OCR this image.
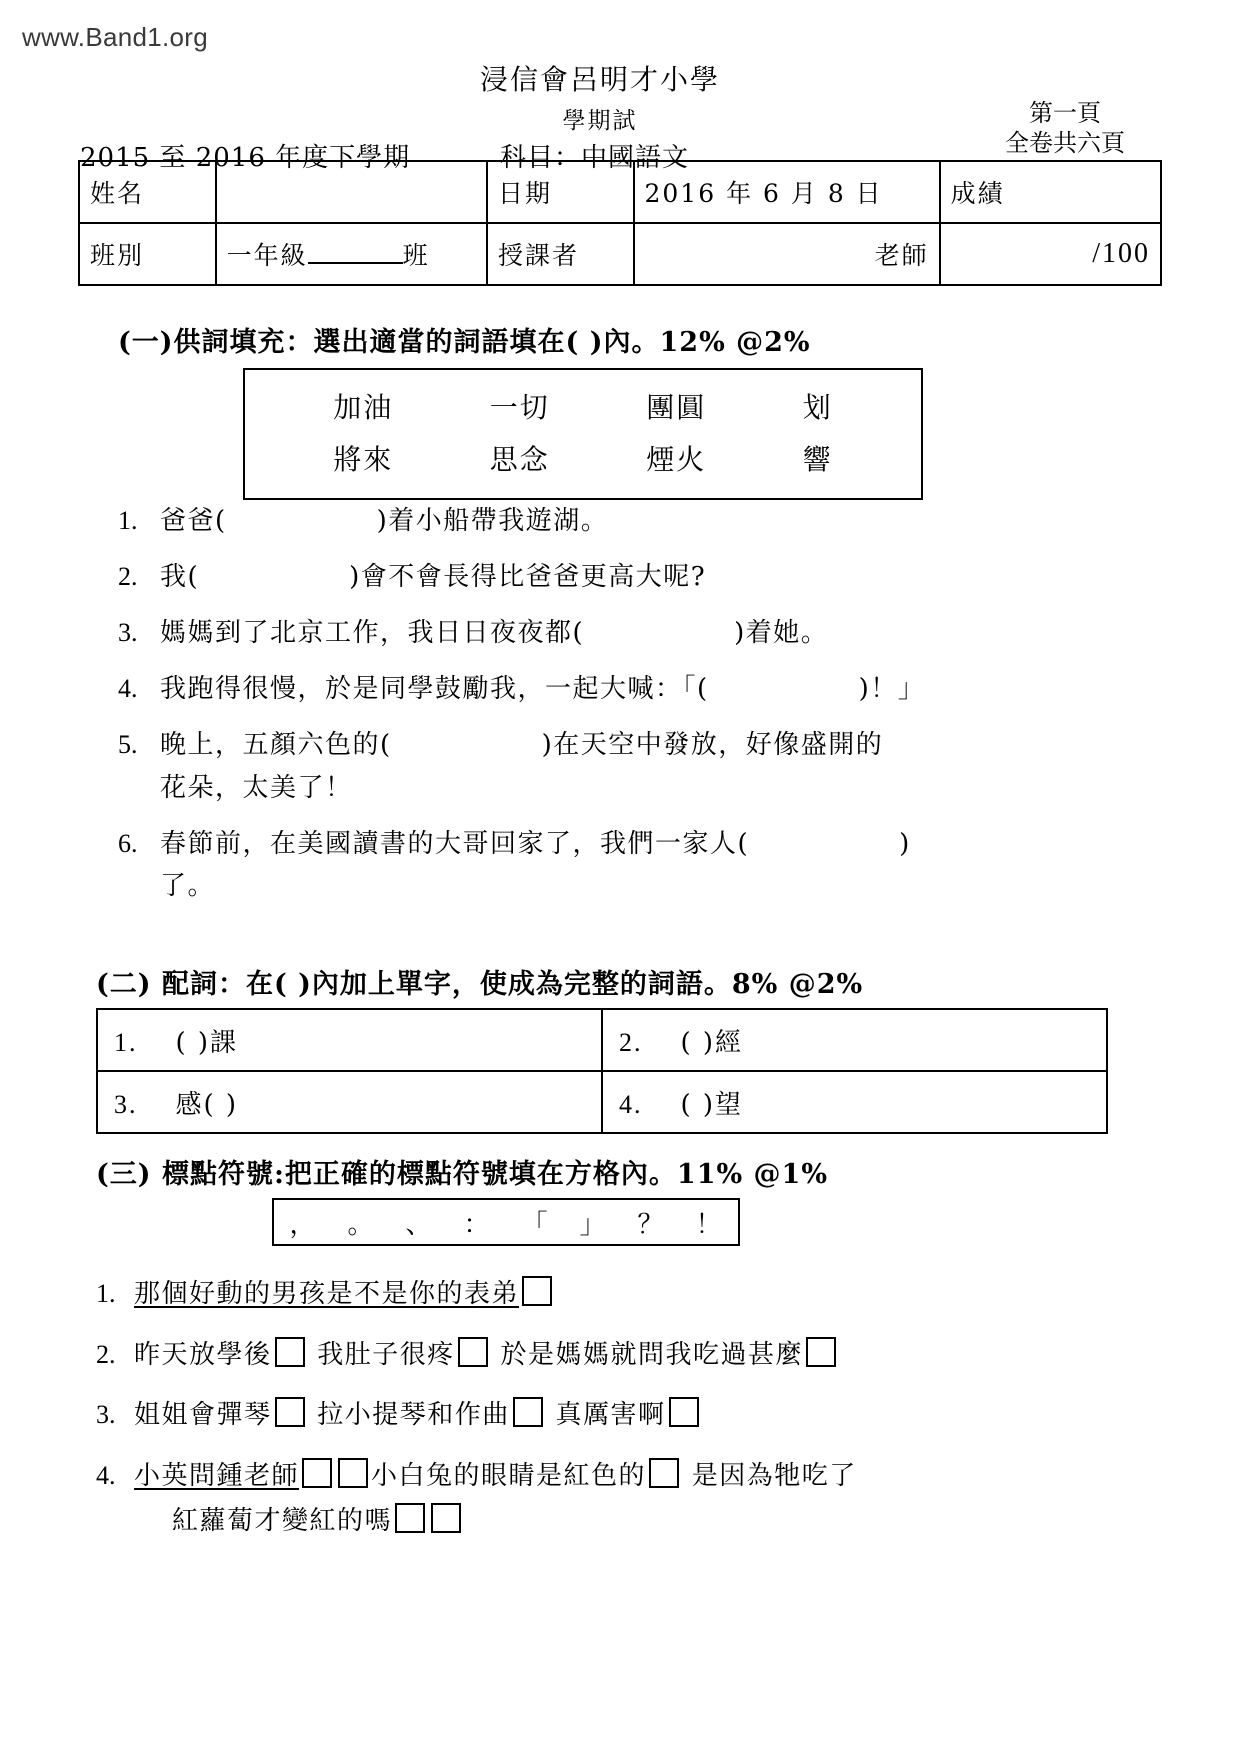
www.Band1.org
浸信會呂明才小學
學期試
2015 至 2016 年度下學期	科目：中國語文
第一頁
全卷共六頁
姓名		日期	2016 年 6 月 8 日	成績
班別	一年級 班	授課者	老師	/100
(一)供詞填充：選出適當的詞語填在( )內。12% @2%
加油	一切	團圓	划
將來	思念	煙火	響
1. 爸爸(	)着小船帶我遊湖。
2. 我(	)會不會長得比爸爸更高大呢?
3. 媽媽到了北京工作，我日日夜夜都(	)着她。
4. 我跑得很慢，於是同學鼓勵我，一起大喊：「(	)！」
5. 晚上，五顏六色的(	)在天空中發放，好像盛開的
花朵，太美了！
6. 春節前，在美國讀書的大哥回家了，我們一家人(	)
了。
(二) 配詞：在( )內加上單字，使成為完整的詞語。8% @2%
1. ( )課	2. ( )經
3. 感( )	4. ( )望
(三) 標點符號:把正確的標點符號填在方格內。11% @1%
， 。 、 ： 「 」 ？ ！
1. 那個好動的男孩是不是你的表弟
2. 昨天放學後 我肚子很疼 於是媽媽就問我吃過甚麼
3. 姐姐會彈琴 拉小提琴和作曲 真厲害啊
4. 小英問鍾老師	小白兔的眼睛是紅色的 是因為牠吃了
紅蘿蔔才變紅的嗎
